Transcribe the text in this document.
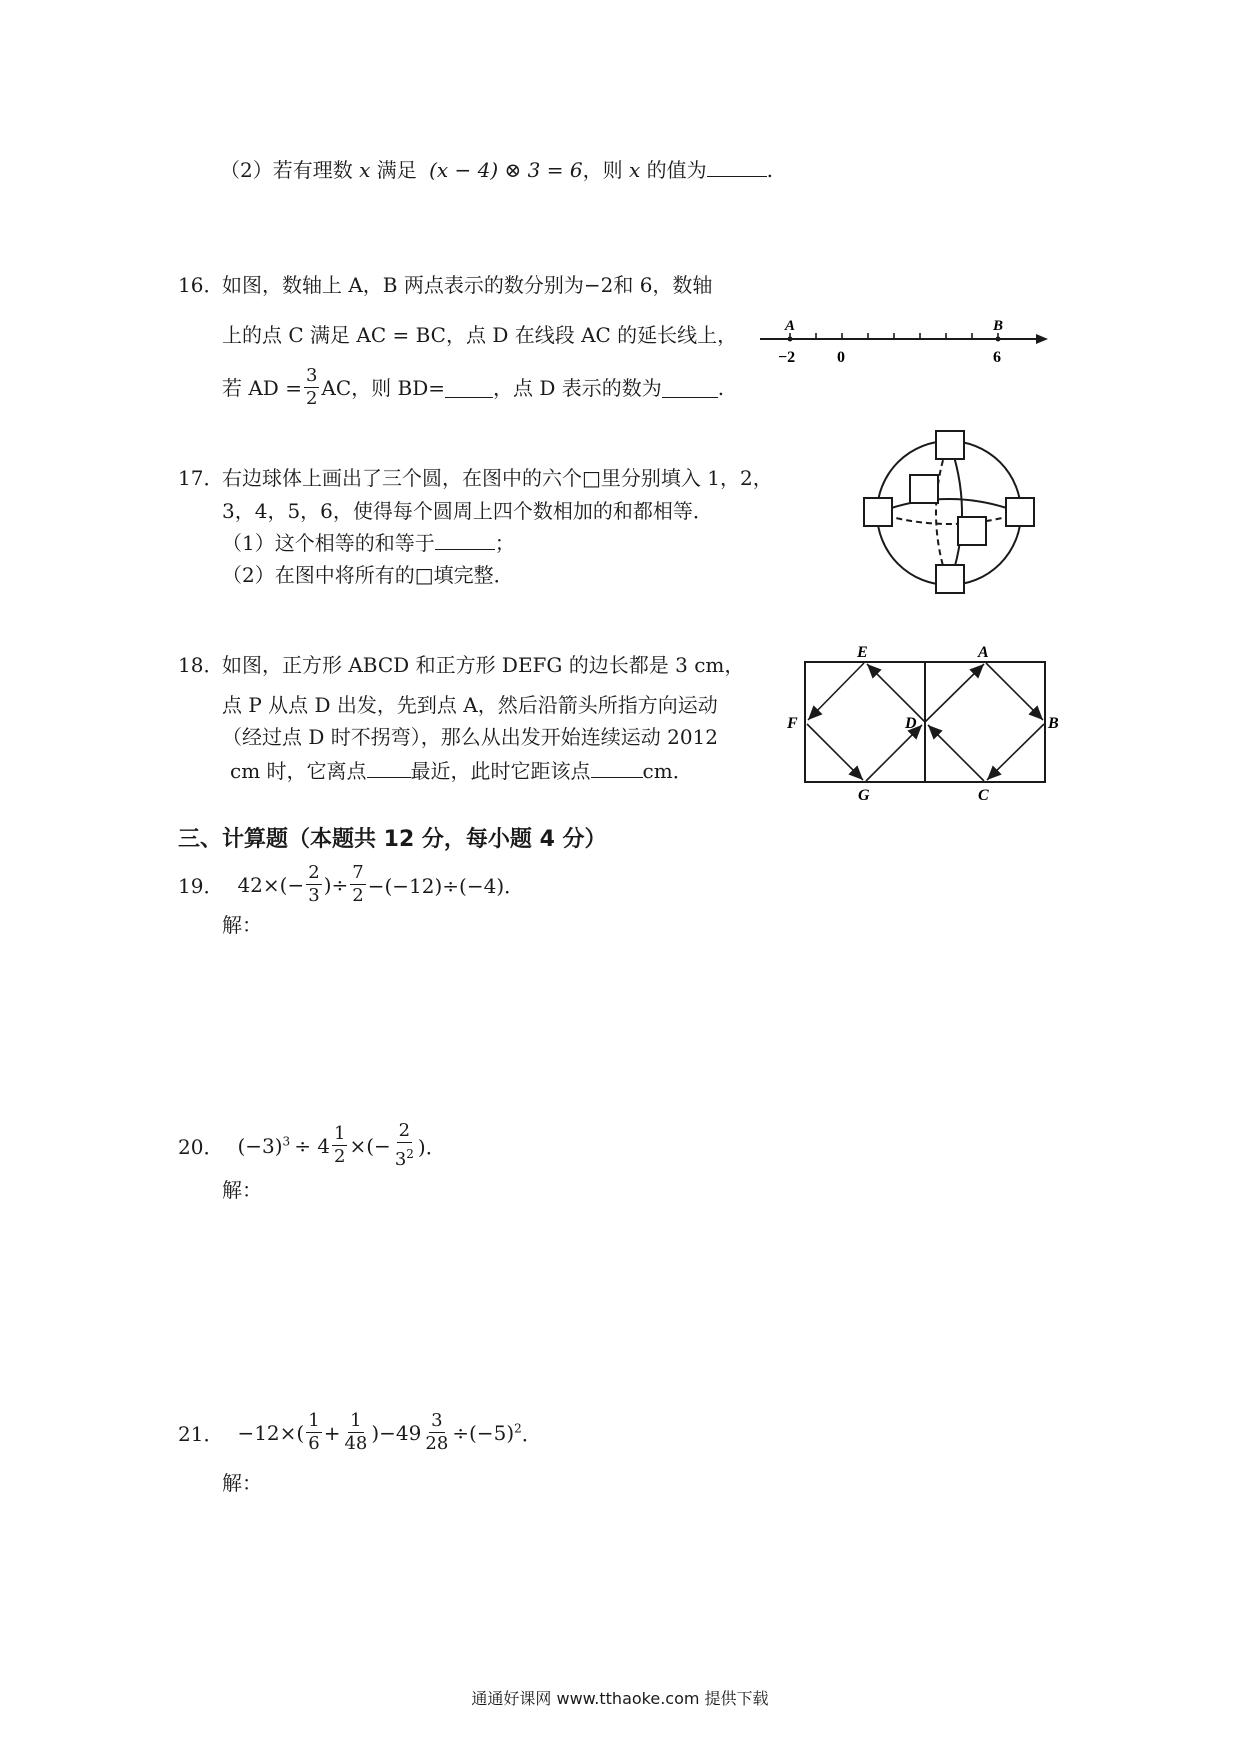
（2）若有理数 x 满足 (x − 4) ⊗ 3 = 6，则 x 的值为	.
16．
如图，数轴上 A，B 两点表示的数分别为−2和 6，数轴
上的点 C 满足 AC = BC，点 D 在线段 AC 的延长线上，
若 AD = $\frac{3}{2}$ AC，则 BD= ，点 D 表示的数为	.
A	B
−2	0	6
17．
右边球体上画出了三个圆，在图中的六个□里分别填入 1，2，
3，4，5，6，使得每个圆周上四个数相加的和都相等．
（1）这个相等的和等于	；
（2）在图中将所有的□填完整．
18．
如图，正方形 ABCD 和正方形 DEFG 的边长都是 3 cm，
点 P 从点 D 出发，先到点 A，然后沿箭头所指方向运动
（经过点 D 时不拐弯），那么从出发开始连续运动 2012
cm 时，它离点 最近，此时它距该点	cm．
E	A
F	D	B
G	C
三、计算题（本题共 12 分，每小题 4 分）
19． $42\times(- \frac{2}{3}$ )÷ $\frac{7}{2} -(-12)\div(-4)$．
解：
20． $(-3)^3 \div 4 \frac{1}{2}$ ×(− $\frac{2}{3^2}$ )．
解：
21． $-12\times( \frac{1}{6} + \frac{1}{48} )-49 \frac{3}{28} \div(-5)^2$ ．
解：
通通好课网 www.tthaoke.com 提供下载
